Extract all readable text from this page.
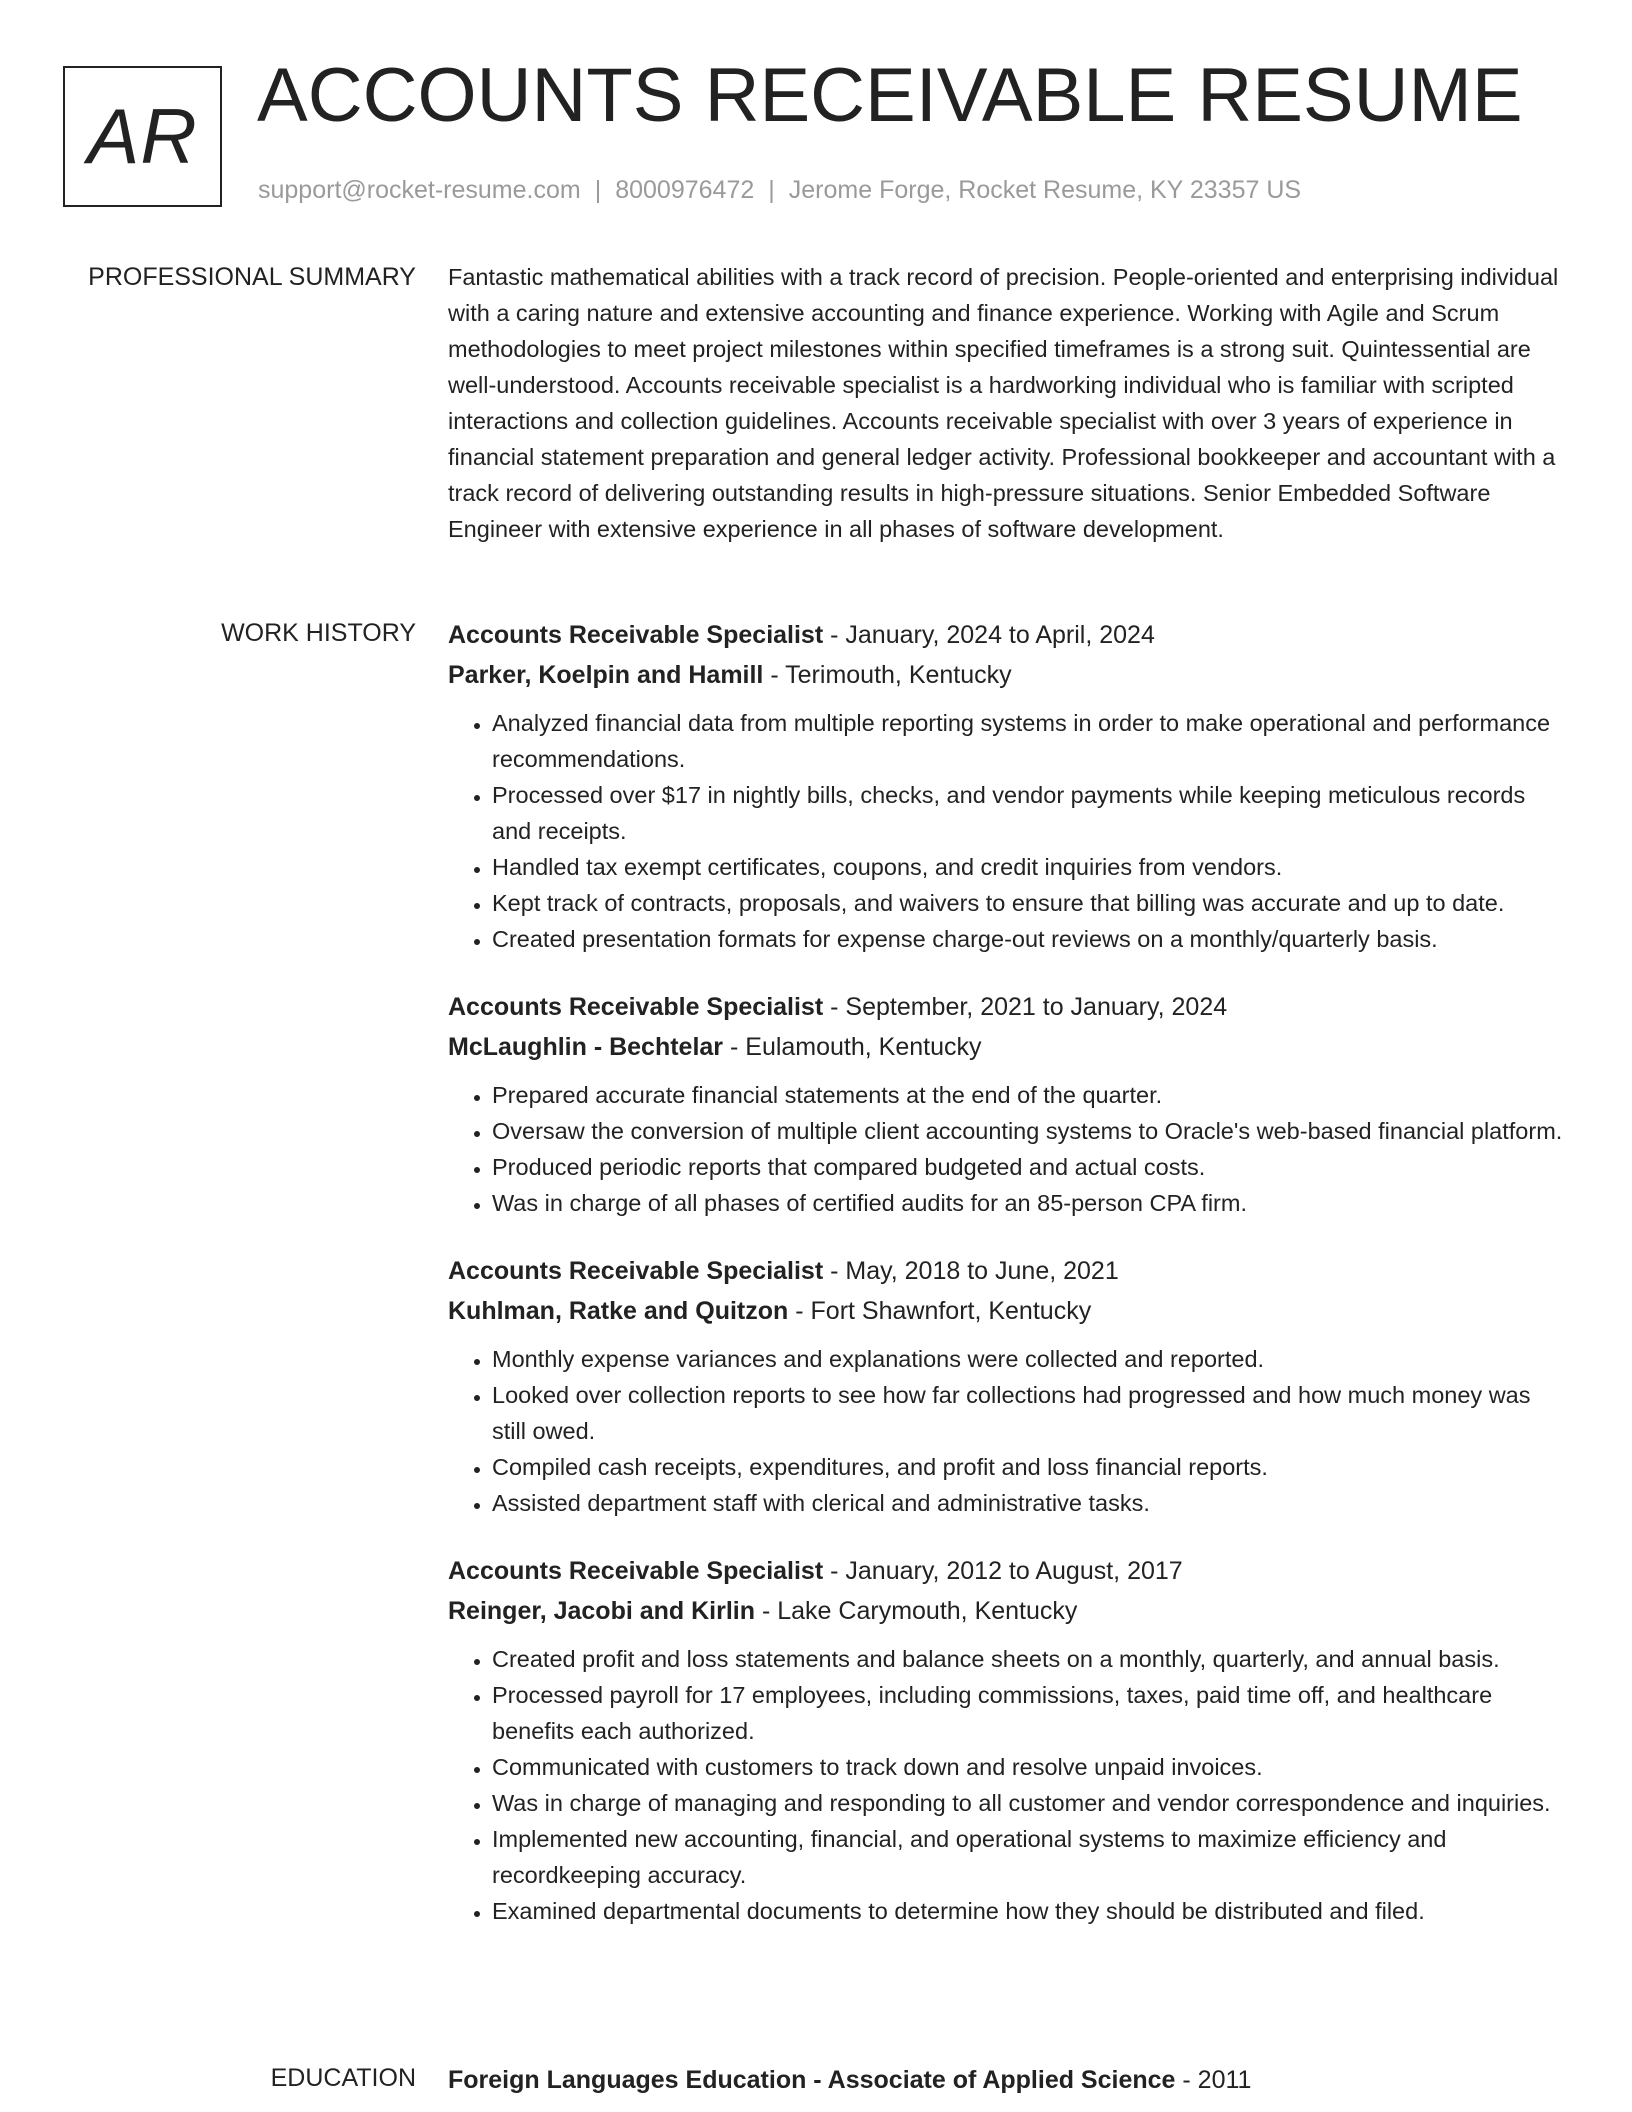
AR ACCOUNTS RECEIVABLE RESUME
support@rocket-resume.com | 8000976472 | Jerome Forge, Rocket Resume, KY 23357 US
PROFESSIONAL SUMMARY Fantastic mathematical abilities with a track record of precision. People-oriented and enterprising individual with a caring nature and extensive accounting and finance experience. Working with Agile and Scrum methodologies to meet project milestones within specified timeframes is a strong suit. Quintessential are well-understood. Accounts receivable specialist is a hardworking individual who is familiar with scripted interactions and collection guidelines. Accounts receivable specialist with over 3 years of experience in financial statement preparation and general ledger activity. Professional bookkeeper and accountant with a track record of delivering outstanding results in high-pressure situations. Senior Embedded Software Engineer with extensive experience in all phases of software development.

WORK HISTORY Accounts Receivable Specialist - January, 2024 to April, 2024
Parker, Koelpin and Hamill - Terimouth, Kentucky
• Analyzed financial data from multiple reporting systems in order to make operational and performance recommendations.
• Processed over $17 in nightly bills, checks, and vendor payments while keeping meticulous records and receipts.
• Handled tax exempt certificates, coupons, and credit inquiries from vendors.
• Kept track of contracts, proposals, and waivers to ensure that billing was accurate and up to date.
• Created presentation formats for expense charge-out reviews on a monthly/quarterly basis.
Accounts Receivable Specialist - September, 2021 to January, 2024
McLaughlin - Bechtelar - Eulamouth, Kentucky
• Prepared accurate financial statements at the end of the quarter.
• Oversaw the conversion of multiple client accounting systems to Oracle's web-based financial platform.
• Produced periodic reports that compared budgeted and actual costs.
• Was in charge of all phases of certified audits for an 85-person CPA firm.
Accounts Receivable Specialist - May, 2018 to June, 2021
Kuhlman, Ratke and Quitzon - Fort Shawnfort, Kentucky
• Monthly expense variances and explanations were collected and reported.
• Looked over collection reports to see how far collections had progressed and how much money was still owed.
• Compiled cash receipts, expenditures, and profit and loss financial reports.
• Assisted department staff with clerical and administrative tasks.
Accounts Receivable Specialist - January, 2012 to August, 2017
Reinger, Jacobi and Kirlin - Lake Carymouth, Kentucky
• Created profit and loss statements and balance sheets on a monthly, quarterly, and annual basis.
• Processed payroll for 17 employees, including commissions, taxes, paid time off, and healthcare benefits each authorized.
• Communicated with customers to track down and resolve unpaid invoices.
• Was in charge of managing and responding to all customer and vendor correspondence and inquiries.
• Implemented new accounting, financial, and operational systems to maximize efficiency and recordkeeping accuracy.
• Examined departmental documents to determine how they should be distributed and filed.
EDUCATION Foreign Languages Education - Associate of Applied Science - 2011
